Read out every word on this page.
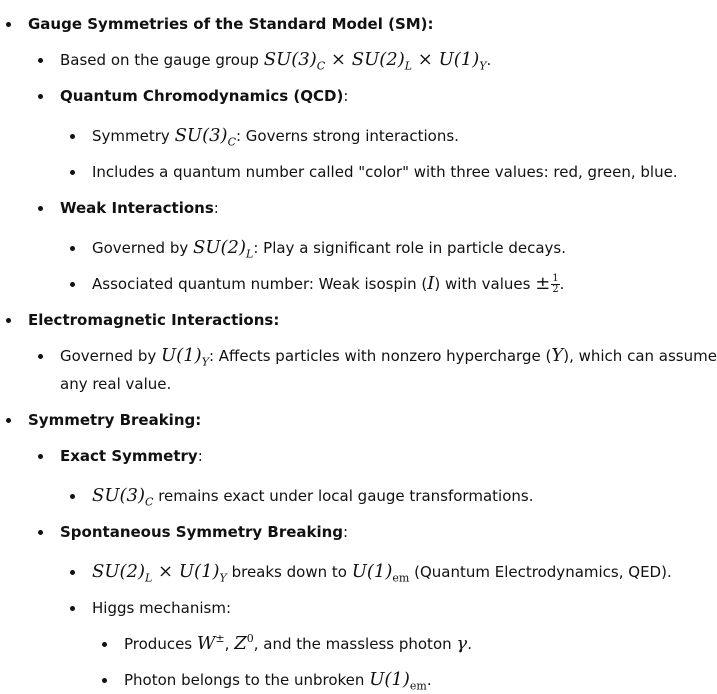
Gauge Symmetries of the Standard Model (SM):
Based on the gauge group $SU(3)_C \times SU(2)_L \times U(1)_Y$.
Quantum Chromodynamics (QCD):
Symmetry $SU(3)_C$: Governs strong interactions.
Includes a quantum number called "color" with three values: red, green, blue.
Weak Interactions:
Governed by $SU(2)_L$: Play a significant role in particle decays.
Associated quantum number: Weak isospin (I) with values ± $\frac{1}{2}$ .
Electromagnetic Interactions:
Governed by $U(1)_Y$: Affects particles with nonzero hypercharge (Y), which can assume
any real value.
Symmetry Breaking:
Exact Symmetry:
$SU(3)_C$ remains exact under local gauge transformations.
Spontaneous Symmetry Breaking:
$SU(2)_L \times U(1)_Y$ breaks down to $U(1)_{em}$ (Quantum Electrodynamics, QED).
Higgs mechanism:
Produces W±, $Z^0$, and the massless photon γ.
Photon belongs to the unbroken $U(1)_{em}$.
